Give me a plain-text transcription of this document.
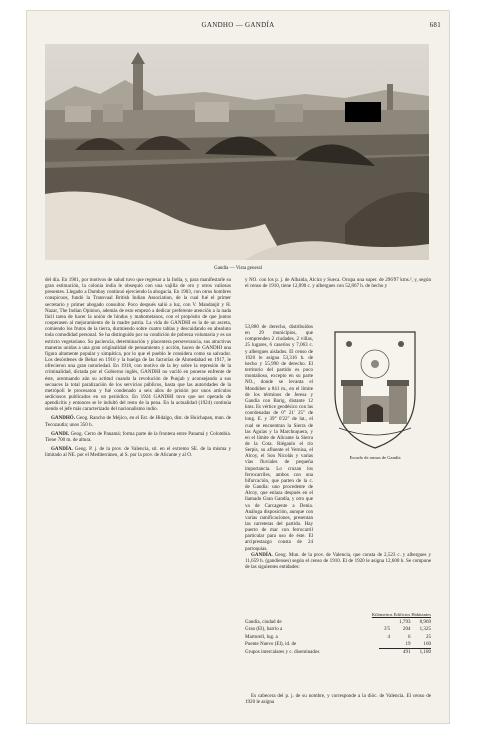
GANDHO — GANDÍA	681
Gandía — Vista general

del día. En 1901, por motivos de salud tuvo que regresar a la India, y, para manifestarle su gran estimación, la colonia india le obsequió con una vajilla de oro y otros valiosos presentes. Llegado a Dumbay continuó ejerciendo la abogacía. En 1903, con otros hombres conspicuos, fundó la Transvaal British Indian Association, de la cual fué el primer secretario y primer abogado consultor. Poco después salió a luz, con V. Mandanjit y H. Nazar, The Indian Opinion, además de esto empezó a dedicar preferente atención a la nada fácil tarea de hacer la unión de hindus y mahometanos, con el propósito de que juntos cooperasen al mejoramiento de la madre patria. La vida de GANDHI es la de un asceta, comiendo los frutos de la tierra, durmiendo sobre cuatro tablas y descuidando en absoluto toda comodidad personal. Se ha distinguido por su condición de pobreza voluntaria y es un estricto vegetariano. Su paciencia, determinación y placentera perseverancia, sus atractivas maneras unidas a una gran originalidad de pensamiento y acción, hacen de GANDHI una figura altamente popular y simpática, por lo que el pueblo le considera como su salvador. Los desórdenes de Behar en 1916 y la huelga de las factorías de Ahmedabad en 1917, le ofrecieron una gran notoriedad. En 1918, con motivo de la ley sobre la represión de la criminalidad, dictada por el Gobierno inglés, GANDHI no vaciló en ponerse enfrente de éste, acentuando aún su actitud cuando la revolución de Punjab y aconsejando a sus secuaces la total paralización de los servicios públicos, hasta que las autoridades de la metrópoli le procesaron y fué condenado a seis años de prisión por unos artículos sediciosos publicados en un periódico. En 1924 GANDHI tuvo que ser operado de apendicitis y entonces se le indultó del resto de la pena. En la actualidad (1924) continúa siendo el jefe más caracterizado del nacionalismo indio.

GANDHÓ. Geog. Rancho de Méjico, en el Est. de Hidalgo, dist. de Huichapan, mun. de Tecozautla; unos 350 h.

GANDI. Geog. Cerro de Panamá; forma parte de la frontera entre Panamá y Colombia. Tiene 700 m. de altura.

GANDÍA. Geog. P. j. de la prov. de Valencia, sit. en el extremo SE. de la misma y limitado al NE. por el Mediterráneo, al S. por la prov. de Alicante y al O.

y NO. con los p. j. de Albaida, Alcira y Sueca. Ocupa una super. de 296'97 kms.², y, según el censo de 1910, tiene 12,890 c. y albergues con 52,867 h. de hecho y

53,880 de derecho, distribuídos en 29 municipios, que comprenden 2 ciudades, 2 villas, 25 lugares, 6 caseríos y 7,063 c. y albergues aislados. El censo de 1920 le asigna 53,316 h. de hecho y 55,990 de derecho. El territorio del partido es poco montañoso, excepto en su parte NO., donde se levanta el Mondúber a 841 m., en el límite de los términos de Jeresa y Gandía con Barig, distante 12 kms. Es vértice geodésico con las coordenadas de 0° 21' 25" de long. E. y 39° 0'22" de lat., el cual se encuentran la Sierra de las Aguias y la Marchuquera, y en el límite de Alicante la Sierra de la Cota. Riéganlo el río Serpis, su afluente el Vernisa, el Alcoy, el Son Nicolás y varias vías fluviales de pequeña importancia. Lo cruzan los ferrocarriles, ambos con una bifurcación, que parten de la c. de Gandía: uno procedente de Alcoy, que enlaza después en el llamado Gran Gandía, y otro que va de Carcagente a Denia. Análoga disposición, aunque con varias ramificaciones, presentan las carreteras del partido. Hay puerto de mar con ferrocarril particular para uso de éste. El arciprestazgo consta de 24 parroquias.

Escudo de armas de Gandía

GANDÍA. Geog. Mun. de la prov. de Valencia, que consta de 2,523 c. y albergues y 11,659 h. (gandienses) según el censo de 1910. El de 1920 le asigna 12,600 h. Se compone de las siguientes entidades:

Kilómetros Edificios Habitantes
Gandía, ciudad de		1,793	8,969
Grao (El), barrio a	3'5	204	1,325
Martorell, lug. a	4	6	25
Puente Nuevo (El), id. de		19	160
Grupos intercalares y c. diseminados		491	1,180

Es cabecera del p. j. de su nombre, y corresponde a la dióc. de Valencia. El censo de 1920 le asigna
